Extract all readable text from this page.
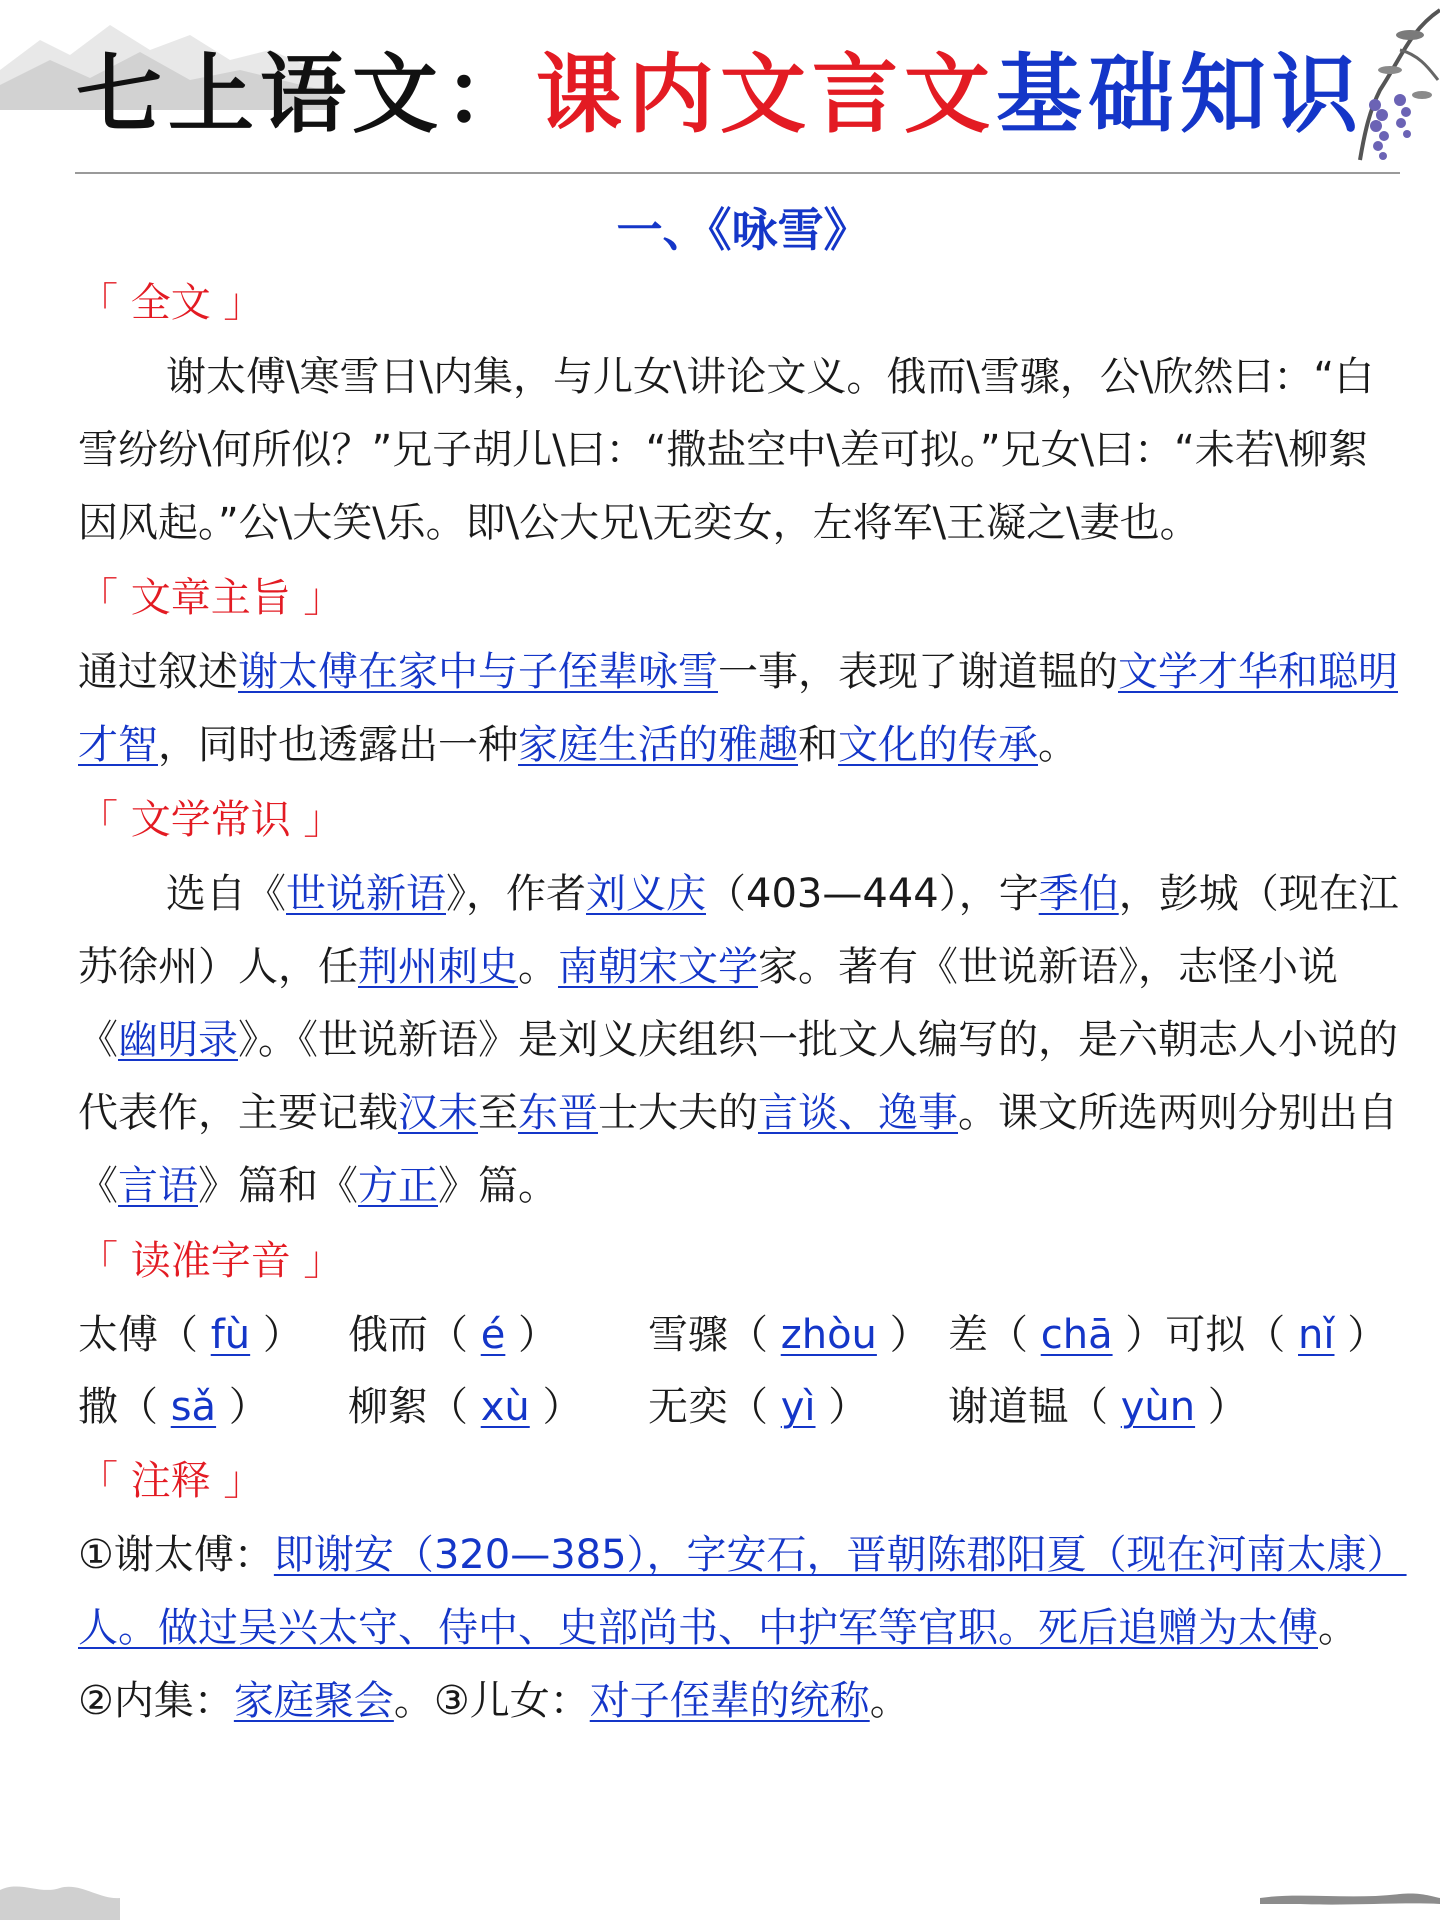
七上语文：课内文言文基础知识
一、《咏雪》
「 全文 」

谢太傅\寒雪日\内集，与儿女\讲论文义。俄而\雪骤，公\欣然曰：“白雪纷纷\何所似？”兄子胡儿\曰：“撒盐空中\差可拟。”兄女\曰：“未若\柳絮因风起。”公\大笑\乐。即\公大兄\无奕女，左将军\王凝之\妻也。

「 文章主旨 」

通过叙述谢太傅在家中与子侄辈咏雪一事，表现了谢道韫的文学才华和聪明才智，同时也透露出一种家庭生活的雅趣和文化的传承。

「 文学常识 」

选自《世说新语》，作者刘义庆（403—444），字季伯，彭城（现在江苏徐州）人，任荆州刺史。南朝宋文学家。著有《世说新语》，志怪小说《幽明录》。《世说新语》是刘义庆组织一批文人编写的，是六朝志人小说的代表作，主要记载汉末至东晋士大夫的言谈、逸事。课文所选两则分别出自《言语》篇和《方正》篇。

「 读准字音 」
太傅（ fù ）	俄而（ é ）	雪骤（ zhòu ） 差（ chā ）可拟（ nǐ ）
撒（ sǎ ）	柳絮（ xù ）	无奕（ yì ）	谢道韫（ yùn ）
「 注释 」

①谢太傅：即谢安（320—385），字安石，晋朝陈郡阳夏（现在河南太康）人。做过吴兴太守、侍中、史部尚书、中护军等官职。死后追赠为太傅。

②内集：家庭聚会。③儿女：对子侄辈的统称。
